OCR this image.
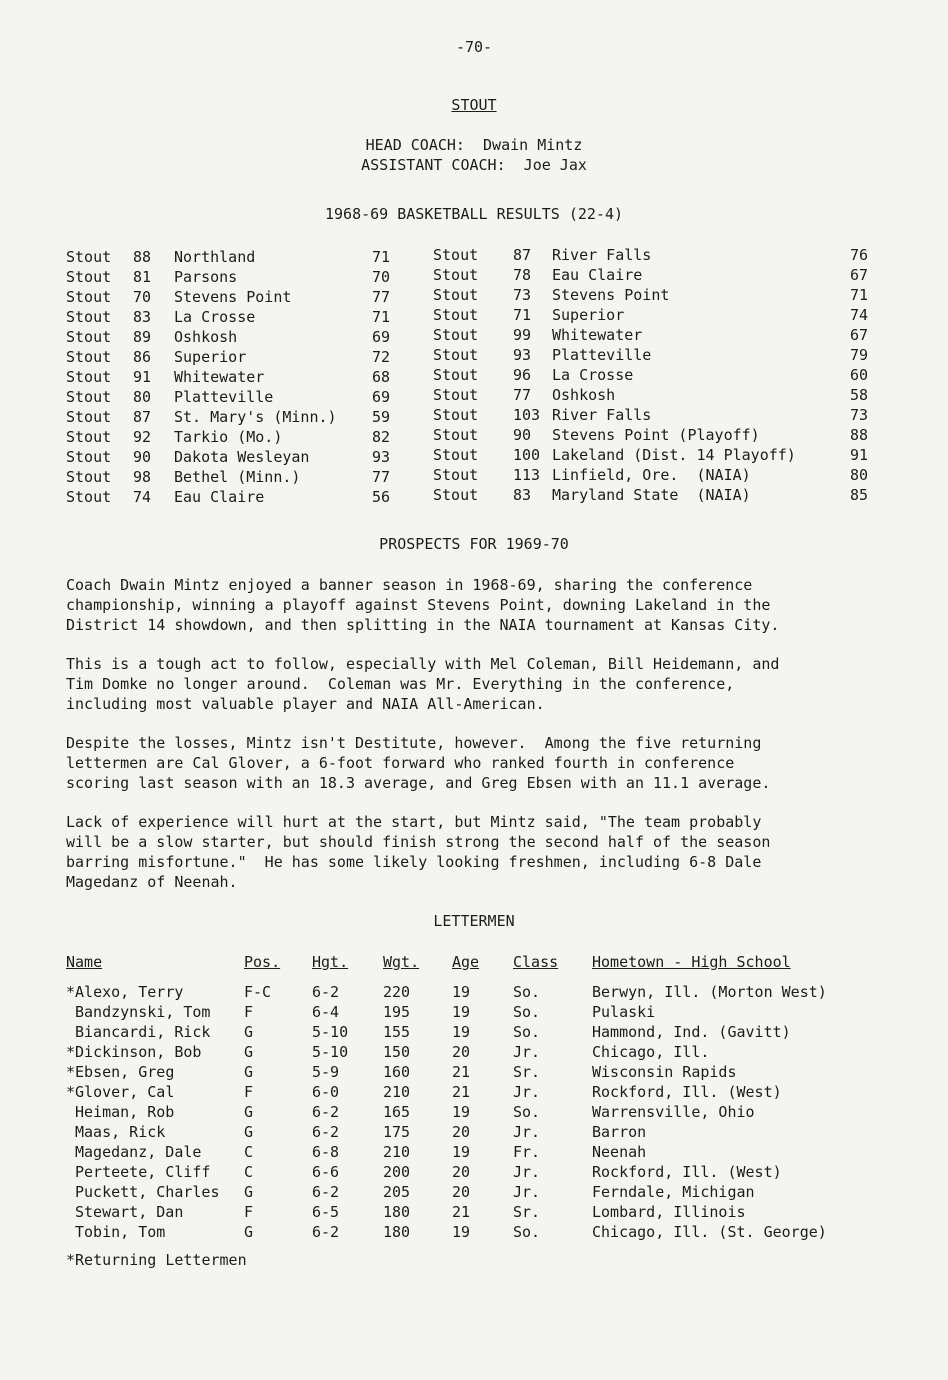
-70-
STOUT
HEAD COACH:  Dwain Mintz
ASSISTANT COACH:  Joe Jax
1968-69 BASKETBALL RESULTS (22-4)
Stout 88 Northland	71
Stout 81 Parsons	70
Stout 70 Stevens Point	77
Stout 83 La Crosse	71
Stout 89 Oshkosh	69
Stout 86 Superior	72
Stout 91 Whitewater	68
Stout 80 Platteville	69
Stout 87 St. Mary's (Minn.) 59
Stout 92 Tarkio (Mo.)	82
Stout 90 Dakota Wesleyan	93
Stout 98 Bethel (Minn.)	77
Stout 74 Eau Claire	56
Stout 87 River Falls	76
Stout 78 Eau Claire	67
Stout 73 Stevens Point	71
Stout 71 Superior	74
Stout 99 Whitewater	67
Stout 93 Platteville	79
Stout 96 La Crosse	60
Stout 77 Oshkosh	58
Stout 103 River Falls	73
Stout 90 Stevens Point (Playoff)	88
Stout 100 Lakeland (Dist. 14 Playoff)	91
Stout 113 Linfield, Ore.  (NAIA)	80
Stout 83 Maryland State  (NAIA)	85
PROSPECTS FOR 1969-70
Coach Dwain Mintz enjoyed a banner season in 1968-69, sharing the conference
championship, winning a playoff against Stevens Point, downing Lakeland in the
District 14 showdown, and then splitting in the NAIA tournament at Kansas City.
This is a tough act to follow, especially with Mel Coleman, Bill Heidemann, and
Tim Domke no longer around.  Coleman was Mr. Everything in the conference,
including most valuable player and NAIA All-American.
Despite the losses, Mintz isn't Destitute, however.  Among the five returning
lettermen are Cal Glover, a 6-foot forward who ranked fourth in conference
scoring last season with an 18.3 average, and Greg Ebsen with an 11.1 average.
Lack of experience will hurt at the start, but Mintz said, "The team probably
will be a slow starter, but should finish strong the second half of the season
barring misfortune."  He has some likely looking freshmen, including 6-8 Dale
Magedanz of Neenah.
LETTERMEN
Name	Pos. Hgt. Wgt. Age Class Hometown - High School
*Alexo, Terry	F-C	6-2	220	19	So.	Berwyn, Ill. (Morton West)
Bandzynski, Tom F	6-4	195	19	So.	Pulaski
Biancardi, Rick G	5-10 155	19	So.	Hammond, Ind. (Gavitt)
*Dickinson, Bob	G	5-10 150	20	Jr.	Chicago, Ill.
*Ebsen, Greg	G	5-9	160	21	Sr.	Wisconsin Rapids
*Glover, Cal	F	6-0	210	21	Jr.	Rockford, Ill. (West)
Heiman, Rob	G	6-2	165	19	So.	Warrensville, Ohio
Maas, Rick	G	6-2	175	20	Jr.	Barron
Magedanz, Dale	C	6-8	210	19	Fr.	Neenah
Perteete, Cliff C	6-6	200	20	Jr.	Rockford, Ill. (West)
Puckett, Charles G	6-2	205	20	Jr.	Ferndale, Michigan
Stewart, Dan	F	6-5	180	21	Sr.	Lombard, Illinois
Tobin, Tom	G	6-2	180	19	So.	Chicago, Ill. (St. George)
*Returning Lettermen
